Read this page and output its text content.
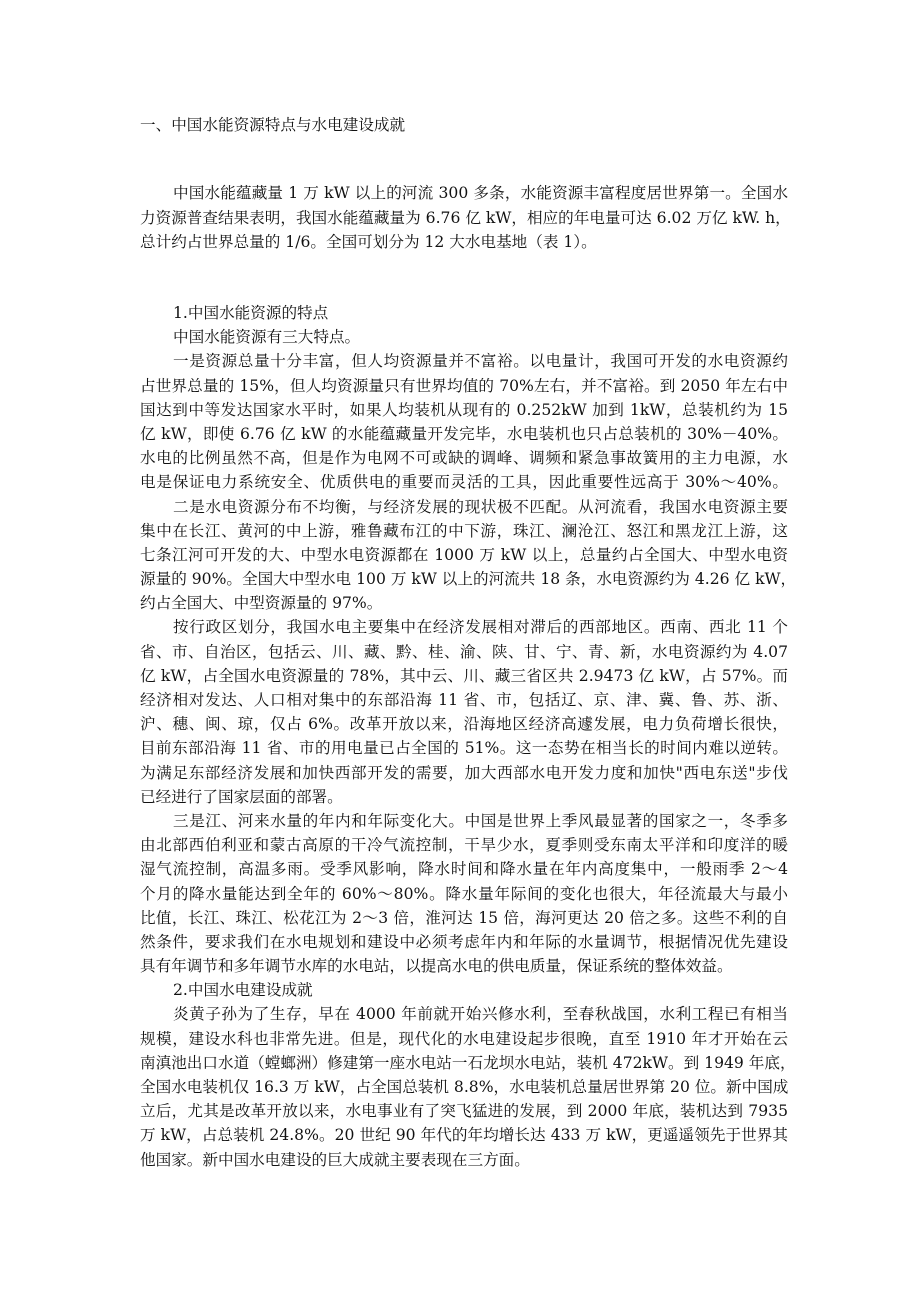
一、中国水能资源特点与水电建设成就
中国水能蕴藏量 1 万 kW 以上的河流 300 多条，水能资源丰富程度居世界第一。全国水
力资源普查结果表明，我国水能蕴藏量为 6.76 亿 kW，相应的年电量可达 6.02 万亿 kW. h，
总计约占世界总量的 1/6。全国可划分为 12 大水电基地（表 1）。
1.中国水能资源的特点
中国水能资源有三大特点。
一是资源总量十分丰富，但人均资源量并不富裕。以电量计，我国可开发的水电资源约
占世界总量的 15%，但人均资源量只有世界均值的 70%左右，并不富裕。到 2050 年左右中
国达到中等发达国家水平时，如果人均装机从现有的 0.252kW 加到 1kW，总装机约为 15
亿 kW，即使 6.76 亿 kW 的水能蕴藏量开发完毕，水电装机也只占总装机的 30%－40%。
水电的比例虽然不高，但是作为电网不可或缺的调峰、调频和紧急事故簧用的主力电源，水
电是保证电力系统安全、优质供电的重要而灵活的工具，因此重要性远高于 30%～40%。
二是水电资源分布不均衡，与经济发展的现状极不匹配。从河流看，我国水电资源主要
集中在长江、黄河的中上游，雅鲁藏布江的中下游，珠江、澜沧江、怒江和黑龙江上游，这
七条江河可开发的大、中型水电资源都在 1000 万 kW 以上，总量约占全国大、中型水电资
源量的 90%。全国大中型水电 100 万 kW 以上的河流共 18 条，水电资源约为 4.26 亿 kW，
约占全国大、中型资源量的 97%。
按行政区划分，我国水电主要集中在经济发展相对滞后的西部地区。西南、西北 11 个
省、市、自治区，包括云、川、藏、黔、桂、渝、陕、甘、宁、青、新，水电资源约为 4.07
亿 kW，占全国水电资源量的 78%，其中云、川、藏三省区共 2.9473 亿 kW，占 57%。而
经济相对发达、人口相对集中的东部沿海 11 省、市，包括辽、京、津、冀、鲁、苏、浙、
沪、穗、闽、琼，仅占 6%。改革开放以来，沿海地区经济高遽发展，电力负荷增长很快，
目前东部沿海 11 省、市的用电量已占全国的 51%。这一态势在相当长的时间内难以逆转。
为满足东部经济发展和加快西部开发的需要，加大西部水电开发力度和加快"西电东送"步伐
已经进行了国家层面的部署。
三是江、河来水量的年内和年际变化大。中国是世界上季风最显著的国家之一，冬季多
由北部西伯利亚和蒙古高原的干冷气流控制，干旱少水，夏季则受东南太平洋和印度洋的暖
湿气流控制，高温多雨。受季风影响，降水时间和降水量在年内高度集中，一般雨季 2～4
个月的降水量能达到全年的 60%～80%。降水量年际间的变化也很大，年径流最大与最小
比值，长江、珠江、松花江为 2～3 倍，淮河达 15 倍，海河更达 20 倍之多。这些不利的自
然条件，要求我们在水电规划和建设中必须考虑年内和年际的水量调节，根据情况优先建设
具有年调节和多年调节水库的水电站，以提高水电的供电质量，保证系统的整体效益。
2.中国水电建设成就
炎黄子孙为了生存，早在 4000 年前就开始兴修水利，至春秋战国，水利工程已有相当
规模，建设水科也非常先进。但是，现代化的水电建设起步很晚，直至 1910 年才开始在云
南滇池出口水道（螳螂洲）修建第一座水电站一石龙坝水电站，装机 472kW。到 1949 年底，
全国水电装机仅 16.3 万 kW，占全国总装机 8.8%，水电装机总量居世界第 20 位。新中国成
立后，尤其是改革开放以来，水电事业有了突飞猛进的发展，到 2000 年底，装机达到 7935
万 kW，占总装机 24.8%。20 世纪 90 年代的年均增长达 433 万 kW，更遥遥领先于世界其
他国家。新中国水电建设的巨大成就主要表现在三方面。
